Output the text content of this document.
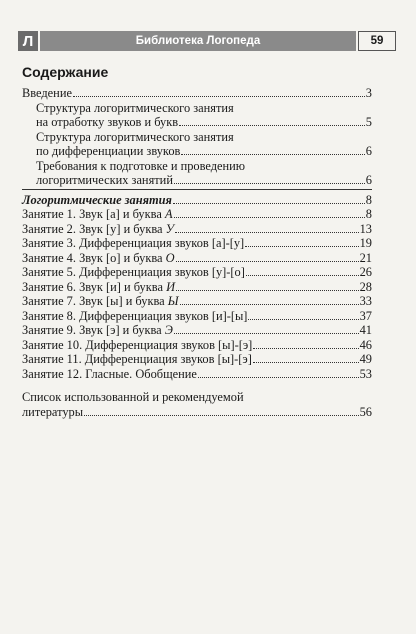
Л	Библиотека Логопеда	59
Содержание
Введение	3
Структура логоритмического занятия
на отработку звуков и букв	5
Структура логоритмического занятия
по дифференциации звуков	6
Требования к подготовке и проведению
логоритмических занятий	6
Логоритмические занятия	8
Занятие 1. Звук [а] и буква А	8
Занятие 2. Звук [у] и буква У	13
Занятие 3. Дифференциация звуков [а]-[у]	19
Занятие 4. Звук [о] и буква О	21
Занятие 5. Дифференциация звуков [у]-[о]	26
Занятие 6. Звук [и] и буква И	28
Занятие 7. Звук [ы] и буква Ы	33
Занятие 8. Дифференциация звуков [и]-[ы]	37
Занятие 9. Звук [э] и буква Э	41
Занятие 10. Дифференциация звуков [ы]-[э]	46
Занятие 11. Дифференциация звуков [ы]-[э]	49
Занятие 12. Гласные. Обобщение	53
Список использованной и рекомендуемой
литературы	56
